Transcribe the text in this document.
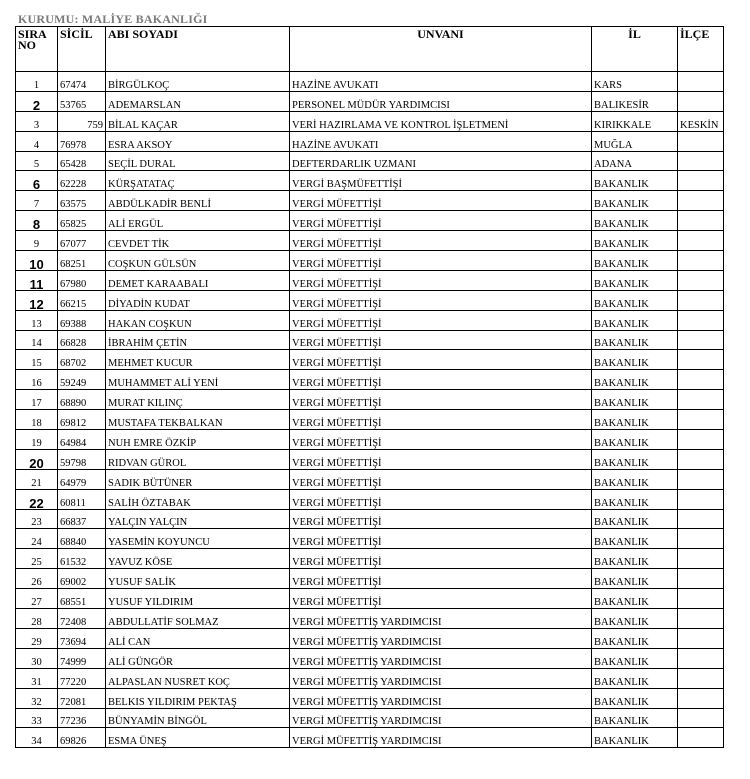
KURUMU: MALİYE BAKANLIĞI
SIRA
NO	SİCİL	ABI SOYADI	UNVANI	İL	İLÇE
1	67474	BİRGÜLKOÇ	HAZİNE AVUKATI	KARS	
2	53765	ADEMARSLAN	PERSONEL MÜDÜR YARDIMCISI	BALIKESİR	
3	759	BİLAL KAÇAR	VERİ HAZIRLAMA VE KONTROL İŞLETMENİ	KIRIKKALE	KESKİN
4	76978	ESRA AKSOY	HAZİNE AVUKATI	MUĞLA	
5	65428	SEÇİL DURAL	DEFTERDARLIK UZMANI	ADANA	
6	62228	KÜRŞATATAÇ	VERGİ BAŞMÜFETTİŞİ	BAKANLIK	
7	63575	ABDÜLKADİR BENLİ	VERGİ MÜFETTİŞİ	BAKANLIK	
8	65825	ALİ ERGÜL	VERGİ MÜFETTİŞİ	BAKANLIK	
9	67077	CEVDET TİK	VERGİ MÜFETTİŞİ	BAKANLIK	
10	68251	COŞKUN GÜLSÜN	VERGİ MÜFETTİŞİ	BAKANLIK	
11	67980	DEMET KARAABALI	VERGİ MÜFETTİŞİ	BAKANLIK	
12	66215	DİYADİN KUDAT	VERGİ MÜFETTİŞİ	BAKANLIK	
13	69388	HAKAN COŞKUN	VERGİ MÜFETTİŞİ	BAKANLIK	
14	66828	İBRAHİM ÇETİN	VERGİ MÜFETTİŞİ	BAKANLIK	
15	68702	MEHMET KUCUR	VERGİ MÜFETTİŞİ	BAKANLIK	
16	59249	MUHAMMET ALİ YENİ	VERGİ MÜFETTİŞİ	BAKANLIK	
17	68890	MURAT KILINÇ	VERGİ MÜFETTİŞİ	BAKANLIK	
18	69812	MUSTAFA TEKBALKAN	VERGİ MÜFETTİŞİ	BAKANLIK	
19	64984	NUH EMRE ÖZKİP	VERGİ MÜFETTİŞİ	BAKANLIK	
20	59798	RIDVAN GÜROL	VERGİ MÜFETTİŞİ	BAKANLIK	
21	64979	SADIK BÜTÜNER	VERGİ MÜFETTİŞİ	BAKANLIK	
22	60811	SALİH ÖZTABAK	VERGİ MÜFETTİŞİ	BAKANLIK	
23	66837	YALÇIN YALÇIN	VERGİ MÜFETTİŞİ	BAKANLIK	
24	68840	YASEMİN KOYUNCU	VERGİ MÜFETTİŞİ	BAKANLIK	
25	61532	YAVUZ KÖSE	VERGİ MÜFETTİŞİ	BAKANLIK	
26	69002	YUSUF SALİK	VERGİ MÜFETTİŞİ	BAKANLIK	
27	68551	YUSUF YILDIRIM	VERGİ MÜFETTİŞİ	BAKANLIK	
28	72408	ABDULLATİF SOLMAZ	VERGİ MÜFETTİŞ YARDIMCISI	BAKANLIK	
29	73694	ALİ CAN	VERGİ MÜFETTİŞ YARDIMCISI	BAKANLIK	
30	74999	ALİ GÜNGÖR	VERGİ MÜFETTİŞ YARDIMCISI	BAKANLIK	
31	77220	ALPASLAN NUSRET KOÇ	VERGİ MÜFETTİŞ YARDIMCISI	BAKANLIK	
32	72081	BELKIS YILDIRIM PEKTAŞ	VERGİ MÜFETTİŞ YARDIMCISI	BAKANLIK	
33	77236	BÜNYAMİN BİNGÖL	VERGİ MÜFETTİŞ YARDIMCISI	BAKANLIK	
34	69826	ESMA ÜNEŞ	VERGİ MÜFETTİŞ YARDIMCISI	BAKANLIK	
